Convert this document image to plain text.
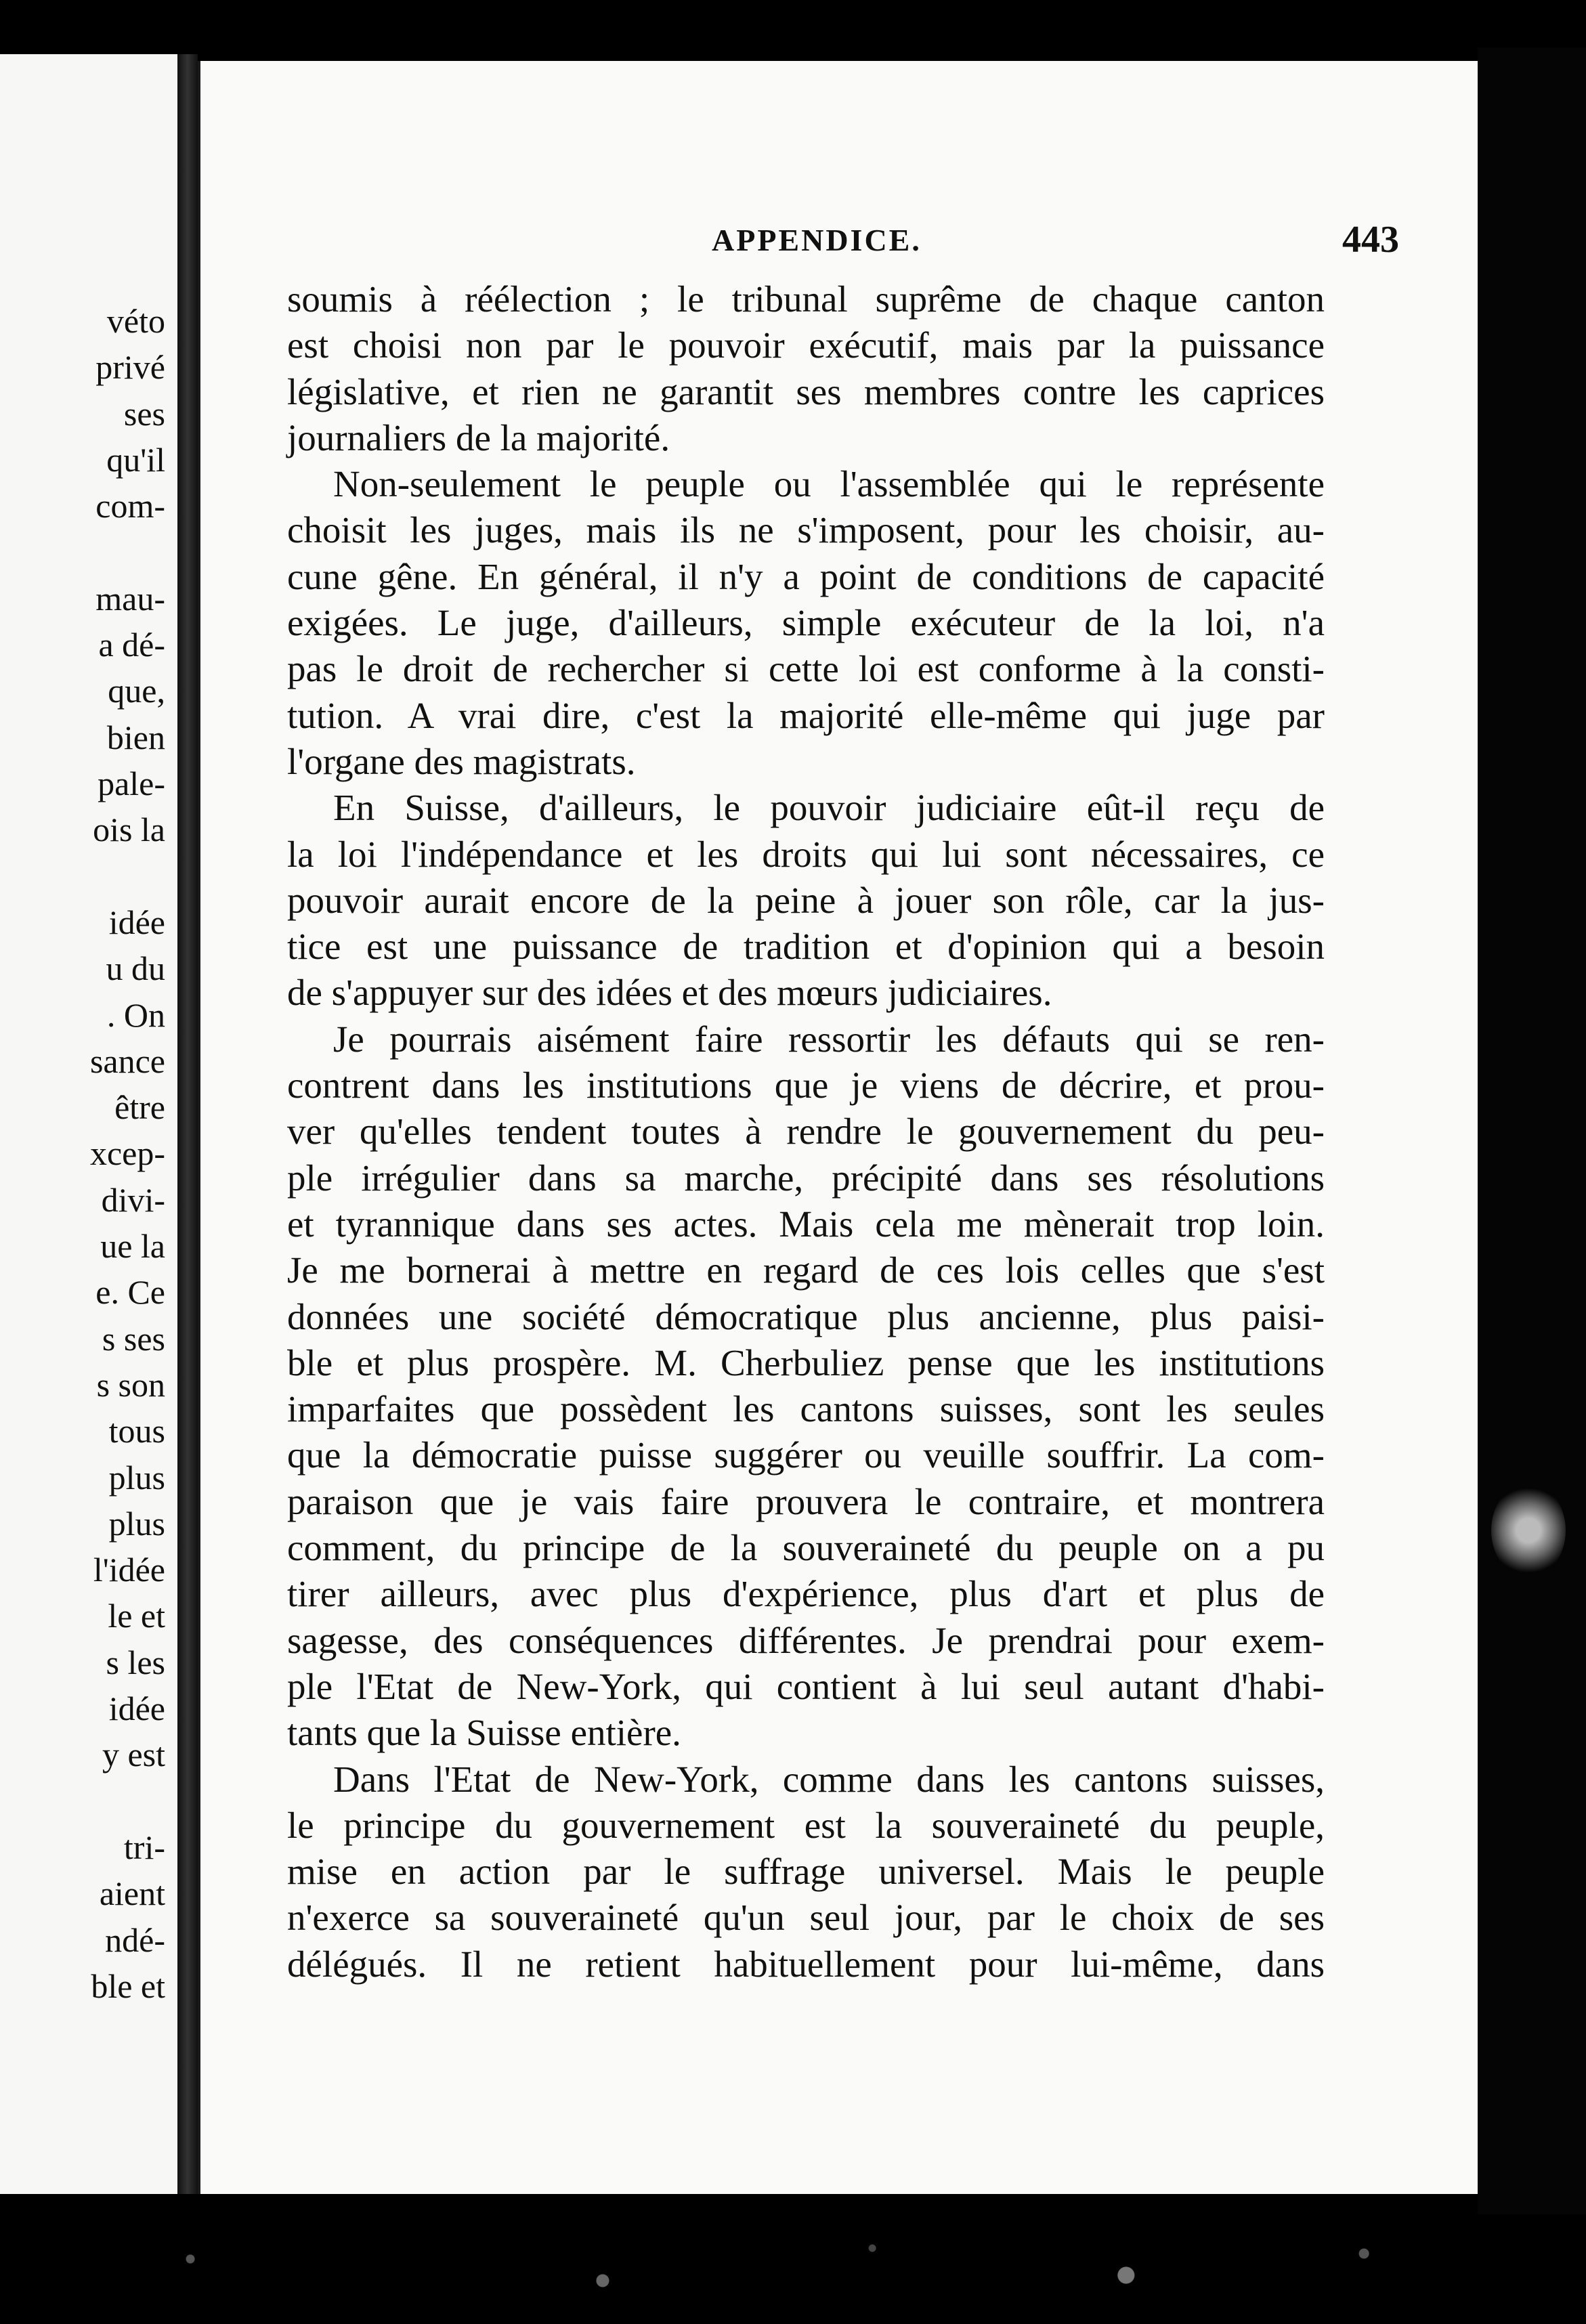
véto
privé
ses
qu'il
com-
mau-
a dé-
que,
bien
pale-
ois la
idée
u du
. On
sance
être
xcep-
divi-
ue la
e. Ce
s ses
s son
tous
plus
plus
l'idée
le et
s les
idée
y est
tri-
aient
ndé-
ble et
APPENDICE.	443
soumis à réélection ; le tribunal suprême de chaque canton
est choisi non par le pouvoir exécutif, mais par la puissance
législative, et rien ne garantit ses membres contre les caprices
journaliers de la majorité.
Non-seulement le peuple ou l'assemblée qui le représente
choisit les juges, mais ils ne s'imposent, pour les choisir, au-
cune gêne. En général, il n'y a point de conditions de capacité
exigées. Le juge, d'ailleurs, simple exécuteur de la loi, n'a
pas le droit de rechercher si cette loi est conforme à la consti-
tution. A vrai dire, c'est la majorité elle-même qui juge par
l'organe des magistrats.
En Suisse, d'ailleurs, le pouvoir judiciaire eût-il reçu de
la loi l'indépendance et les droits qui lui sont nécessaires, ce
pouvoir aurait encore de la peine à jouer son rôle, car la jus-
tice est une puissance de tradition et d'opinion qui a besoin
de s'appuyer sur des idées et des mœurs judiciaires.
Je pourrais aisément faire ressortir les défauts qui se ren-
contrent dans les institutions que je viens de décrire, et prou-
ver qu'elles tendent toutes à rendre le gouvernement du peu-
ple irrégulier dans sa marche, précipité dans ses résolutions
et tyrannique dans ses actes. Mais cela me mènerait trop loin.
Je me bornerai à mettre en regard de ces lois celles que s'est
données une société démocratique plus ancienne, plus paisi-
ble et plus prospère. M. Cherbuliez pense que les institutions
imparfaites que possèdent les cantons suisses, sont les seules
que la démocratie puisse suggérer ou veuille souffrir. La com-
paraison que je vais faire prouvera le contraire, et montrera
comment, du principe de la souveraineté du peuple on a pu
tirer ailleurs, avec plus d'expérience, plus d'art et plus de
sagesse, des conséquences différentes. Je prendrai pour exem-
ple l'Etat de New-York, qui contient à lui seul autant d'habi-
tants que la Suisse entière.
Dans l'Etat de New-York, comme dans les cantons suisses,
le principe du gouvernement est la souveraineté du peuple,
mise en action par le suffrage universel. Mais le peuple
n'exerce sa souveraineté qu'un seul jour, par le choix de ses
délégués. Il ne retient habituellement pour lui-même, dans
